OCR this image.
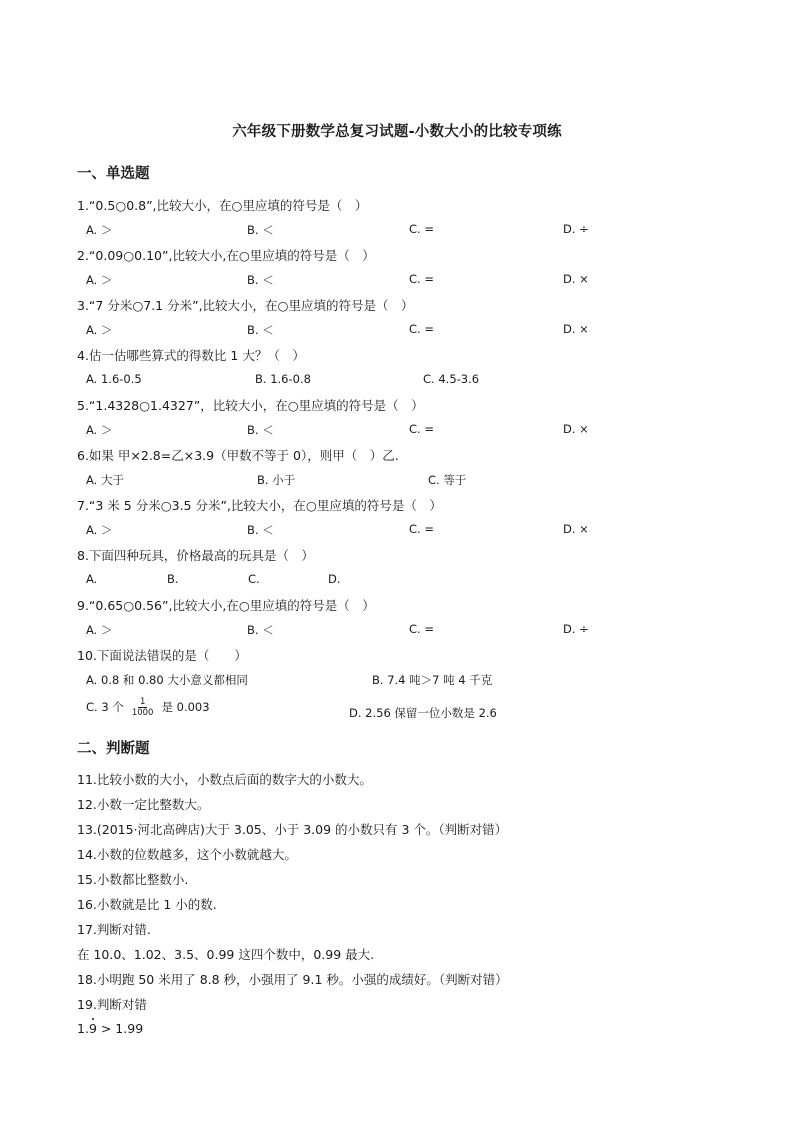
六年级下册数学总复习试题-小数大小的比较专项练
一、单选题
1.“0.5○0.8”,比较大小，在○里应填的符号是（　）
A. ＞	B. ＜	C. =	D. ÷
2.“0.09○0.10”,比较大小,在○里应填的符号是（　）
A. ＞	B. ＜	C. =	D. ×
3.“7 分米○7.1 分米”,比较大小，在○里应填的符号是（　）
A. ＞	B. ＜	C. =	D. ×
4.估一估哪些算式的得数比 1 大？（　）
A. 1.6-0.5	B. 1.6-0.8	C. 4.5-3.6
5.“1.4328○1.4327”，比较大小，在○里应填的符号是（　）
A. ＞	B. ＜	C. =	D. ×
6.如果 甲×2.8=乙×3.9（甲数不等于 0），则甲（　）乙.
A. 大于	B. 小于	C. 等于
7.“3 米 5 分米○3.5 分米”,比较大小，在○里应填的符号是（　）
A. ＞	B. ＜	C. =	D. ×
8.下面四种玩具，价格最高的玩具是（　）
A.	B.	C.	D.
9.“0.65○0.56”,比较大小,在○里应填的符号是（　）
A. ＞	B. ＜	C. =	D. ÷
10.下面说法错误的是（　　）
A. 0.8 和 0.80 大小意义都相同	B. 7.4 吨＞7 吨 4 千克
C. 3 个 $\frac{1}{1000}$ 是 0.003	D. 2.56 保留一位小数是 2.6
二、判断题
11.比较小数的大小，小数点后面的数字大的小数大。
12.小数一定比整数大。
13.(2015·河北高碑店)大于 3.05、小于 3.09 的小数只有 3 个。（判断对错）
14.小数的位数越多，这个小数就越大。
15.小数都比整数小.
16.小数就是比 1 小的数.
17.判断对错.
在 10.0、1.02、3.5、0.99 这四个数中，0.99 最大.
18.小明跑 50 米用了 8.8 秒，小强用了 9.1 秒。小强的成绩好。（判断对错）
19.判断对错
1.
9 > 1.99
